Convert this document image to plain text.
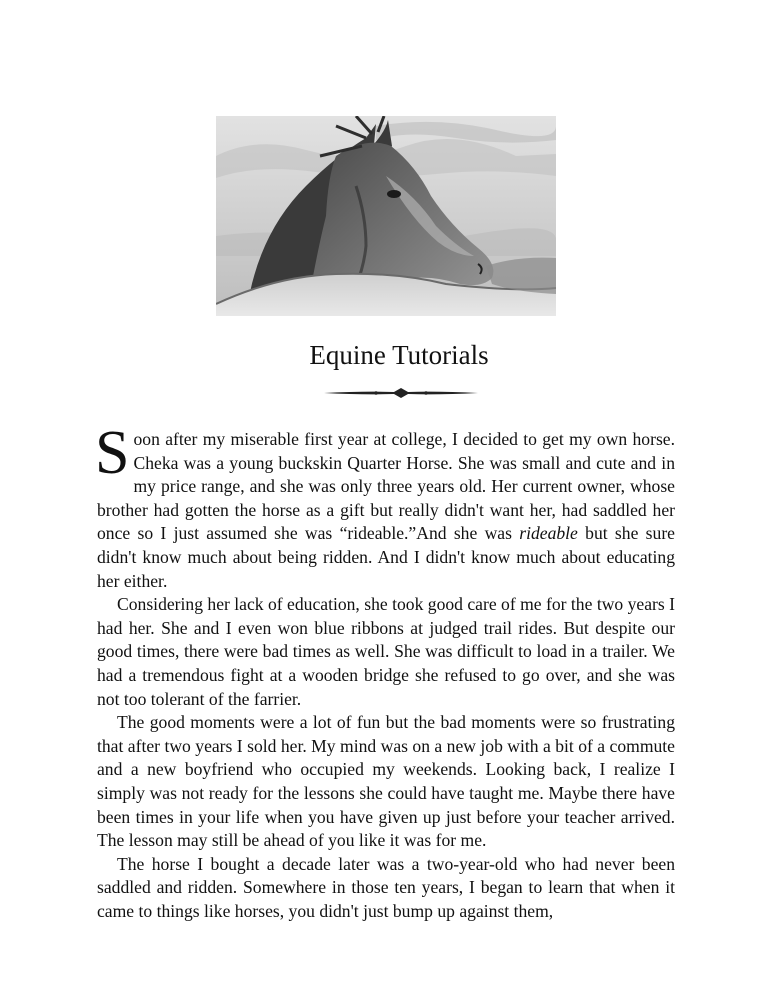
Equine Tutorials

Soon after my miserable first year at college, I decided to get my own horse. Cheka was a young buckskin Quarter Horse. She was small and cute and in my price range, and she was only three years old. Her current owner, whose brother had gotten the horse as a gift but really didn't want her, had saddled her once so I just assumed she was “rideable.”And she was rideable but she sure didn't know much about being ridden. And I didn't know much about educating her either.

Considering her lack of education, she took good care of me for the two years I had her. She and I even won blue ribbons at judged trail rides. But despite our good times, there were bad times as well. She was difficult to load in a trailer. We had a tremendous fight at a wooden bridge she refused to go over, and she was not too tolerant of the farrier.

The good moments were a lot of fun but the bad moments were so frustrating that after two years I sold her. My mind was on a new job with a bit of a commute and a new boyfriend who occupied my weekends. Looking back, I realize I simply was not ready for the lessons she could have taught me. Maybe there have been times in your life when you have given up just before your teacher arrived. The lesson may still be ahead of you like it was for me.

The horse I bought a decade later was a two-year-old who had never been saddled and ridden. Somewhere in those ten years, I began to learn that when it came to things like horses, you didn't just bump up against them,
